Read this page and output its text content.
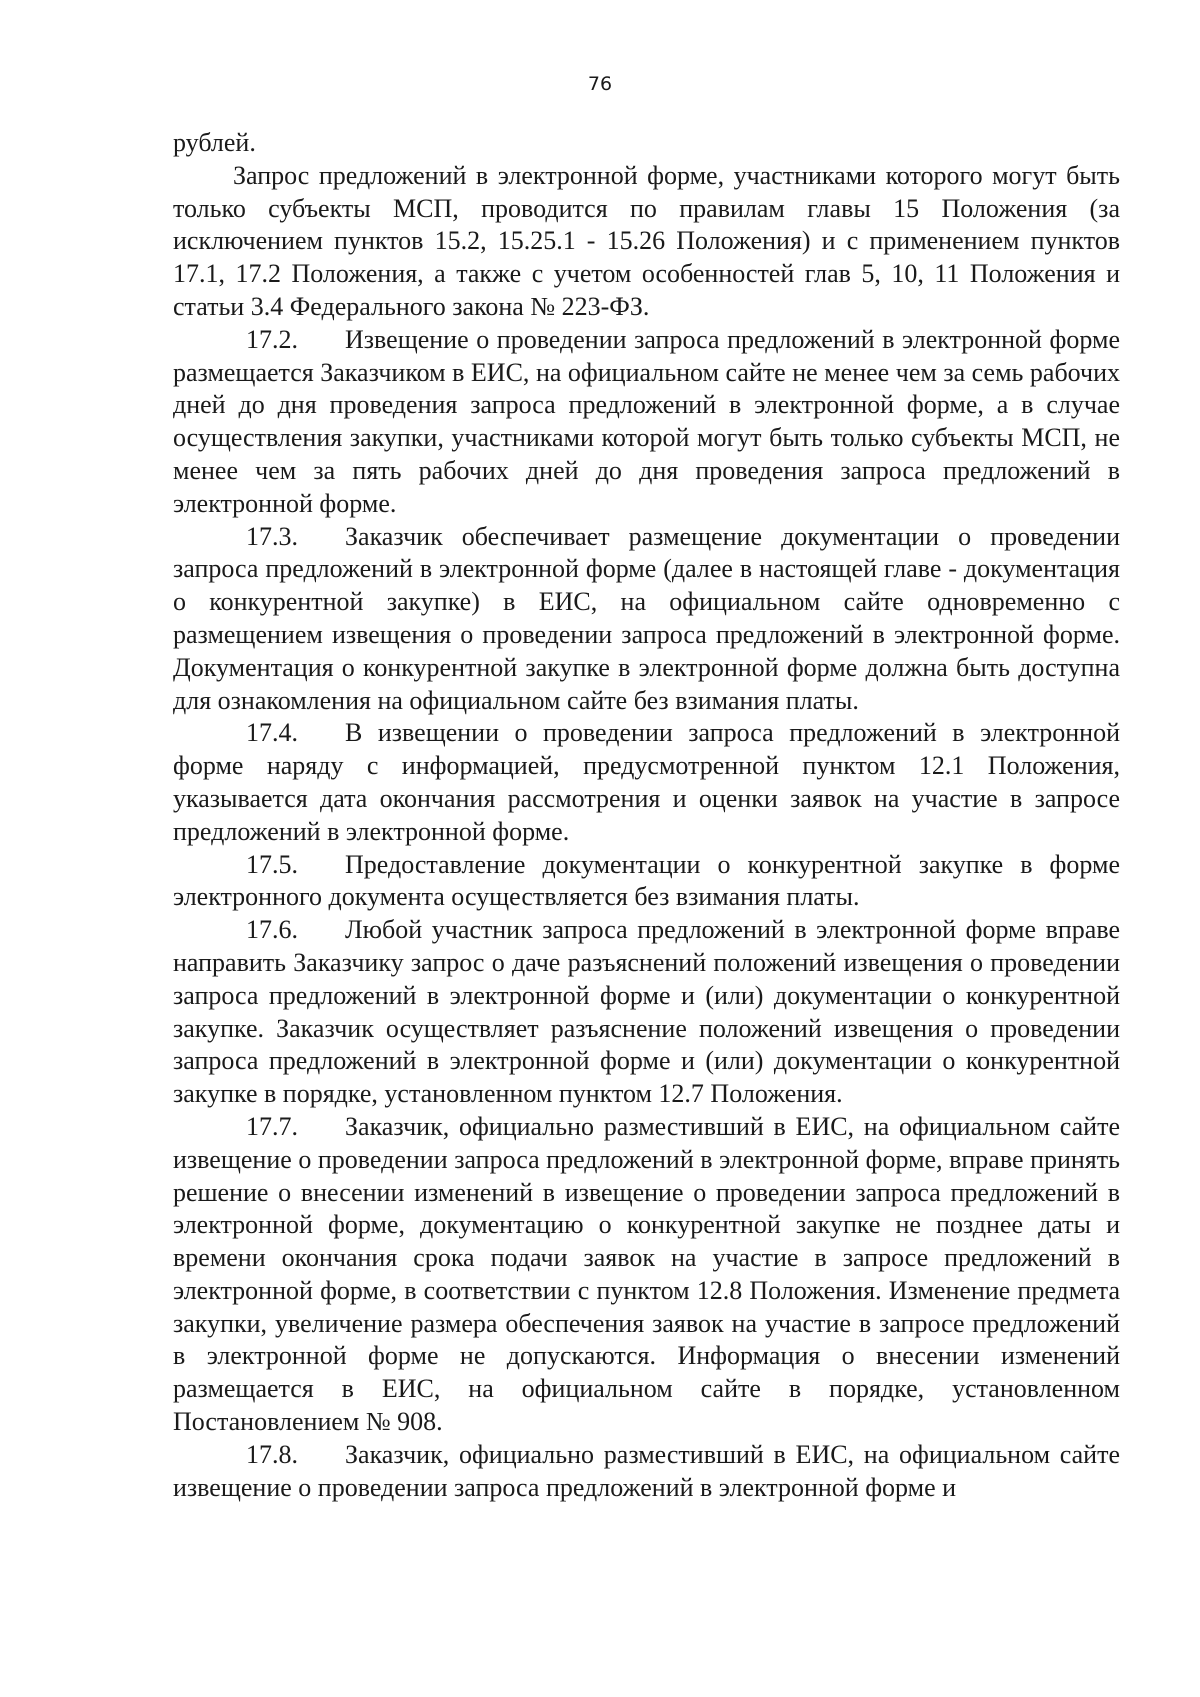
76

рублей.

Запрос предложений в электронной форме, участниками которого могут быть только субъекты МСП, проводится по правилам главы 15 Положения (за исключением пунктов 15.2, 15.25.1 - 15.26 Положения) и с применением пунктов 17.1, 17.2 Положения, а также с учетом особенностей глав 5, 10, 11 Положения и статьи 3.4 Федерального закона № 223-ФЗ.

17.2. Извещение о проведении запроса предложений в электронной форме размещается Заказчиком в ЕИС, на официальном сайте не менее чем за семь рабочих дней до дня проведения запроса предложений в электронной форме, а в случае осуществления закупки, участниками которой могут быть только субъекты МСП, не менее чем за пять рабочих дней до дня проведения запроса предложений в электронной форме.

17.3. Заказчик обеспечивает размещение документации о проведении запроса предложений в электронной форме (далее в настоящей главе - документация о конкурентной закупке) в ЕИС, на официальном сайте одновременно с размещением извещения о проведении запроса предложений в электронной форме. Документация о конкурентной закупке в электронной форме должна быть доступна для ознакомления на официальном сайте без взимания платы.

17.4. В извещении о проведении запроса предложений в электронной форме наряду с информацией, предусмотренной пунктом 12.1 Положения, указывается дата окончания рассмотрения и оценки заявок на участие в запросе предложений в электронной форме.

17.5. Предоставление документации о конкурентной закупке в форме электронного документа осуществляется без взимания платы.

17.6. Любой участник запроса предложений в электронной форме вправе направить Заказчику запрос о даче разъяснений положений извещения о проведении запроса предложений в электронной форме и (или) документации о конкурентной закупке. Заказчик осуществляет разъяснение положений извещения о проведении запроса предложений в электронной форме и (или) документации о конкурентной закупке в порядке, установленном пунктом 12.7 Положения.

17.7. Заказчик, официально разместивший в ЕИС, на официальном сайте извещение о проведении запроса предложений в электронной форме, вправе принять решение о внесении изменений в извещение о проведении запроса предложений в электронной форме, документацию о конкурентной закупке не позднее даты и времени окончания срока подачи заявок на участие в запросе предложений в электронной форме, в соответствии с пунктом 12.8 Положения. Изменение предмета закупки, увеличение размера обеспечения заявок на участие в запросе предложений в электронной форме не допускаются. Информация о внесении изменений размещается в ЕИС, на официальном сайте в порядке, установленном Постановлением № 908.

17.8. Заказчик, официально разместивший в ЕИС, на официальном сайте извещение о проведении запроса предложений в электронной форме и
